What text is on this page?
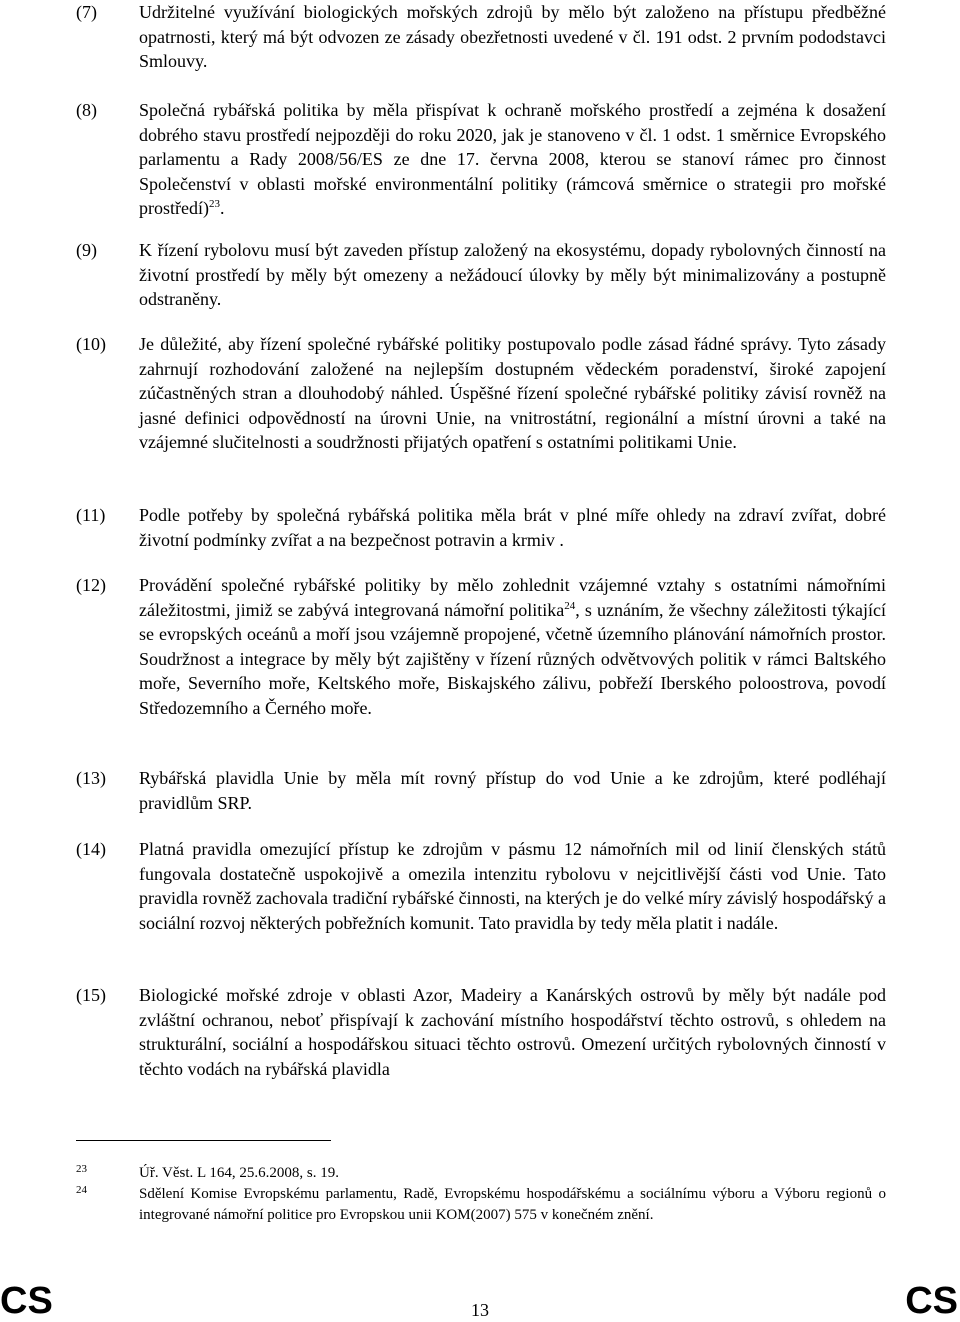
(7)	Udržitelné využívání biologických mořských zdrojů by mělo být založeno na přístupu předběžné opatrnosti, který má být odvozen ze zásady obezřetnosti uvedené v čl. 191 odst. 2 prvním pododstavci Smlouvy.
(8)	Společná rybářská politika by měla přispívat k ochraně mořského prostředí a zejména k dosažení dobrého stavu prostředí nejpozději do roku 2020, jak je stanoveno v čl. 1 odst. 1 směrnice Evropského parlamentu a Rady 2008/56/ES ze dne 17. června 2008, kterou se stanoví rámec pro činnost Společenství v oblasti mořské environmentální politiky (rámcová směrnice o strategii pro mořské prostředí)$^{23}$.
(9)	K řízení rybolovu musí být zaveden přístup založený na ekosystému, dopady rybolovných činností na životní prostředí by měly být omezeny a nežádoucí úlovky by měly být minimalizovány a postupně odstraněny.
(10)	Je důležité, aby řízení společné rybářské politiky postupovalo podle zásad řádné správy. Tyto zásady zahrnují rozhodování založené na nejlepším dostupném vědeckém poradenství, široké zapojení zúčastněných stran a dlouhodobý náhled. Úspěšné řízení společné rybářské politiky závisí rovněž na jasné definici odpovědností na úrovni Unie, na vnitrostátní, regionální a místní úrovni a také na vzájemné slučitelnosti a soudržnosti přijatých opatření s ostatními politikami Unie.
(11)	Podle potřeby by společná rybářská politika měla brát v plné míře ohledy na zdraví zvířat, dobré životní podmínky zvířat a na bezpečnost potravin a krmiv .
(12)	Provádění společné rybářské politiky by mělo zohlednit vzájemné vztahy s ostatními námořními záležitostmi, jimiž se zabývá integrovaná námořní politika$^{24}$, s uznáním, že všechny záležitosti týkající se evropských oceánů a moří jsou vzájemně propojené, včetně územního plánování námořních prostor. Soudržnost a integrace by měly být zajištěny v řízení různých odvětvových politik v rámci Baltského moře, Severního moře, Keltského moře, Biskajského zálivu, pobřeží Iberského poloostrova, povodí Středozemního a Černého moře.
(13)	Rybářská plavidla Unie by měla mít rovný přístup do vod Unie a ke zdrojům, které podléhají pravidlům SRP.
(14)	Platná pravidla omezující přístup ke zdrojům v pásmu 12 námořních mil od linií členských států fungovala dostatečně uspokojivě a omezila intenzitu rybolovu v nejcitlivější části vod Unie. Tato pravidla rovněž zachovala tradiční rybářské činnosti, na kterých je do velké míry závislý hospodářský a sociální rozvoj některých pobřežních komunit. Tato pravidla by tedy měla platit i nadále.
(15)	Biologické mořské zdroje v oblasti Azor, Madeiry a Kanárských ostrovů by měly být nadále pod zvláštní ochranou, neboť přispívají k zachování místního hospodářství těchto ostrovů, s ohledem na strukturální, sociální a hospodářskou situaci těchto ostrovů. Omezení určitých rybolovných činností v těchto vodách na rybářská plavidla
23	Úř. Věst. L 164, 25.6.2008, s. 19.
24	Sdělení Komise Evropskému parlamentu, Radě, Evropskému hospodářskému a sociálnímu výboru a Výboru regionů o integrované námořní politice pro Evropskou unii KOM(2007) 575 v konečném znění.
CS	13	CS
